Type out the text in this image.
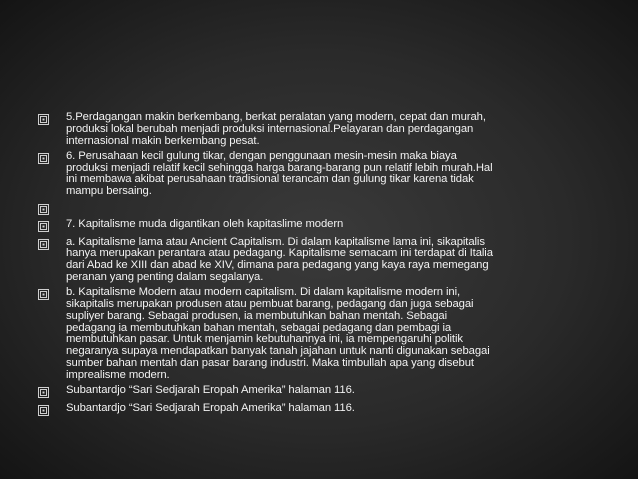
5.Perdagangan makin berkembang, berkat peralatan yang modern, cepat dan murah,
produksi lokal berubah menjadi produksi internasional.Pelayaran dan perdagangan
internasional makin berkembang pesat.
6. Perusahaan kecil gulung tikar, dengan penggunaan mesin-mesin maka biaya
produksi menjadi relatif kecil sehingga harga barang-barang pun relatif lebih murah.Hal
ini membawa akibat perusahaan tradisional terancam dan gulung tikar karena tidak
mampu bersaing.
7. Kapitalisme muda digantikan oleh kapitaslime modern
a. Kapitalisme lama atau Ancient Capitalism. Di dalam kapitalisme lama ini, sikapitalis
hanya merupakan perantara atau pedagang. Kapitalisme semacam ini terdapat di Italia
dari Abad ke XIII dan abad ke XIV, dimana para pedagang yang kaya raya memegang
peranan yang penting dalam segalanya.
b. Kapitalisme Modern atau modern capitalism. Di dalam kapitalisme modern ini,
sikapitalis merupakan produsen atau pembuat barang, pedagang dan juga sebagai
supliyer barang. Sebagai produsen, ia membutuhkan bahan mentah. Sebagai
pedagang ia membutuhkan bahan mentah, sebagai pedagang dan pembagi ia
membutuhkan pasar. Untuk menjamin kebutuhannya ini, ia mempengaruhi politik
negaranya supaya mendapatkan banyak tanah jajahan untuk nanti digunakan sebagai
sumber bahan mentah dan pasar barang industri. Maka timbullah apa yang disebut
imprealisme modern.
Subantardjo “Sari Sedjarah Eropah Amerika” halaman 116.
Subantardjo “Sari Sedjarah Eropah Amerika” halaman 116.
